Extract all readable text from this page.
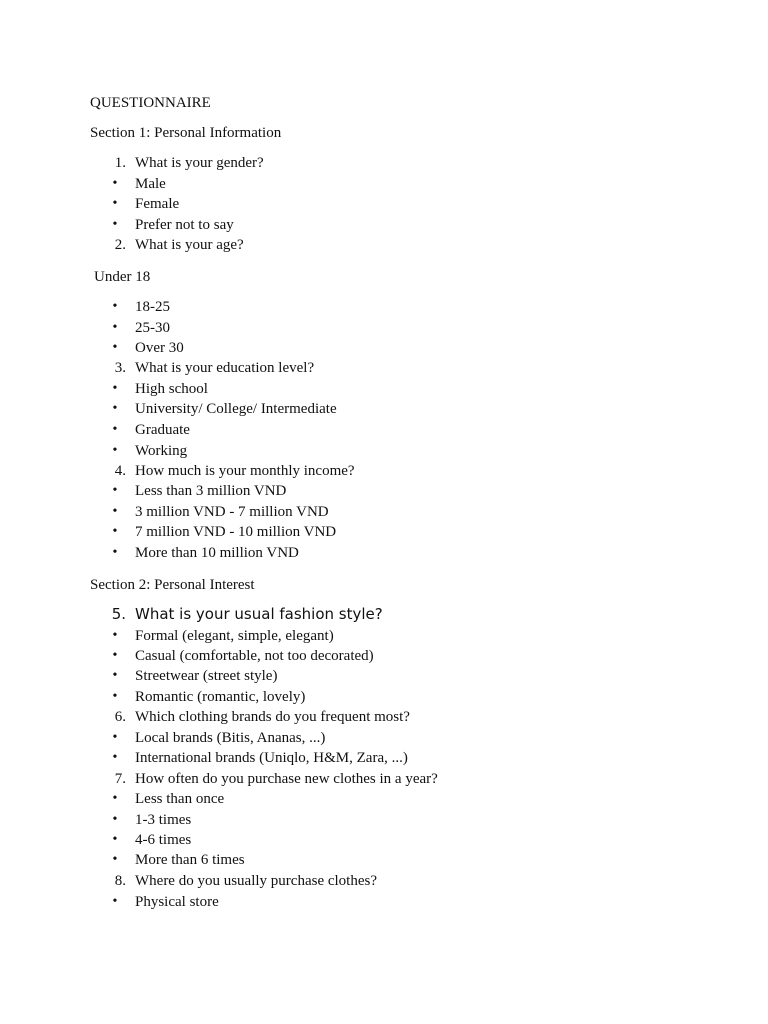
QUESTIONNAIRE
Section 1: Personal Information
1. What is your gender?
•	Male
•	Female
•	Prefer not to say
2. What is your age?
Under 18
•	18-25
•	25-30
•	Over 30
3. What is your education level?
•	High school
•	University/ College/ Intermediate
•	Graduate
•	Working
4. How much is your monthly income?
•	Less than 3 million VND
•	3 million VND - 7 million VND
•	7 million VND - 10 million VND
•	More than 10 million VND
Section 2: Personal Interest
5. What is your usual fashion style?
•	Formal (elegant, simple, elegant)
•	Casual (comfortable, not too decorated)
•	Streetwear (street style)
•	Romantic (romantic, lovely)
6. Which clothing brands do you frequent most?
•	Local brands (Bitis, Ananas, ...)
•	International brands (Uniqlo, H&M, Zara, ...)
7. How often do you purchase new clothes in a year?
•	Less than once
•	1-3 times
•	4-6 times
•	More than 6 times
8. Where do you usually purchase clothes?
•	Physical store
